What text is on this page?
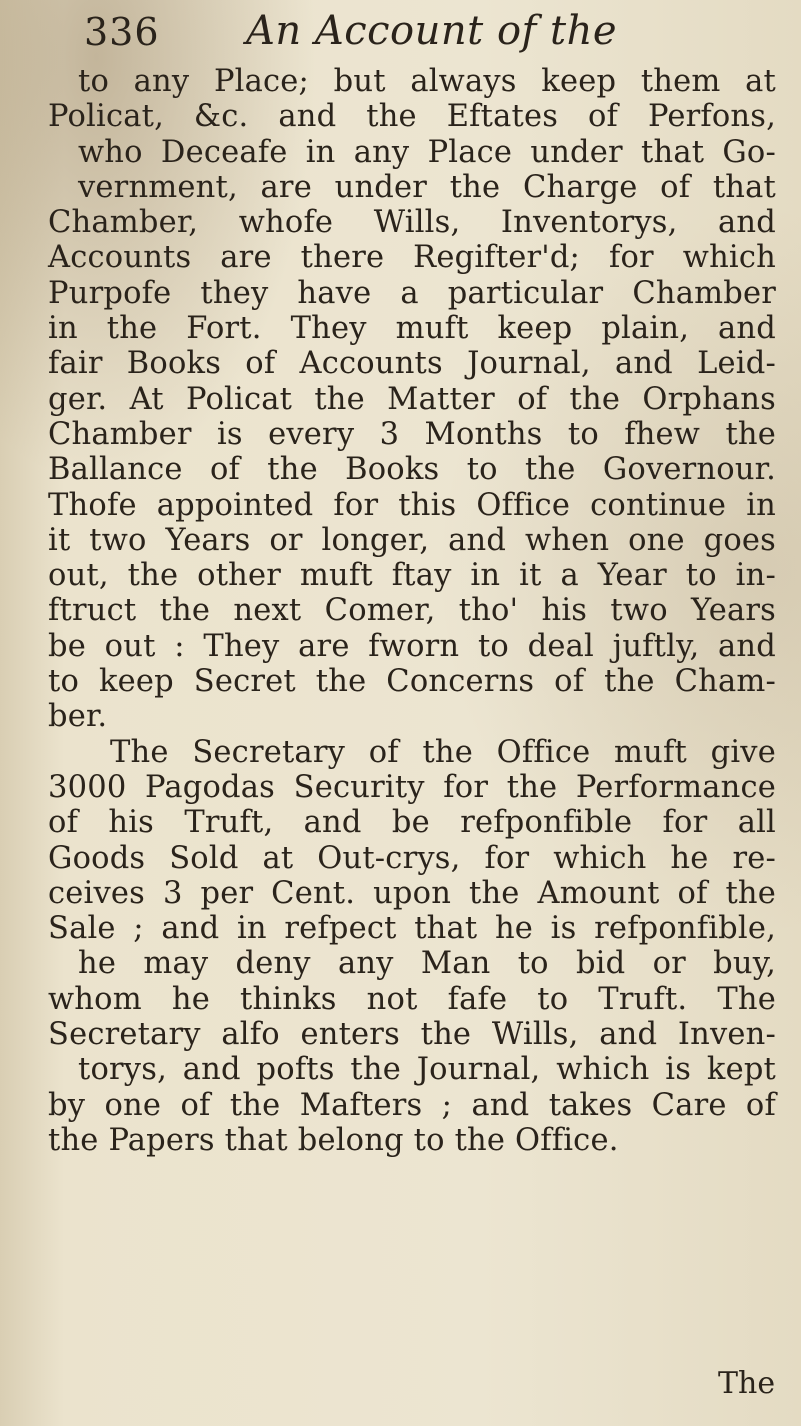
336 An Account of the
to any Place; but always keep them at
Policat, &c. and the Eftates of Perfons,
who Deceafe in any Place under that Go-
vernment, are under the Charge of that
Chamber, whofe Wills, Inventorys, and
Accounts are there Regifter'd; for which
Purpofe they have a particular Chamber
in the Fort. They muft keep plain, and
fair Books of Accounts Journal, and Leid-
ger. At Policat the Matter of the Orphans
Chamber is every 3 Months to fhew the
Ballance of the Books to the Governour.
Thofe appointed for this Office continue in
it two Years or longer, and when one goes
out, the other muft ftay in it a Year to in-
ftruct the next Comer, tho' his two Years
be out : They are fworn to deal juftly, and
to keep Secret the Concerns of the Cham-
ber.
The Secretary of the Office muft give
3000 Pagodas Security for the Performance
of his Truft, and be refponfible for all
Goods Sold at Out-crys, for which he re-
ceives 3 per Cent. upon the Amount of the
Sale ; and in refpect that he is refponfible,
he may deny any Man to bid or buy,
whom he thinks not fafe to Truft. The
Secretary alfo enters the Wills, and Inven-
torys, and pofts the Journal, which is kept
by one of the Mafters ; and takes Care of
the Papers that belong to the Office.
The
